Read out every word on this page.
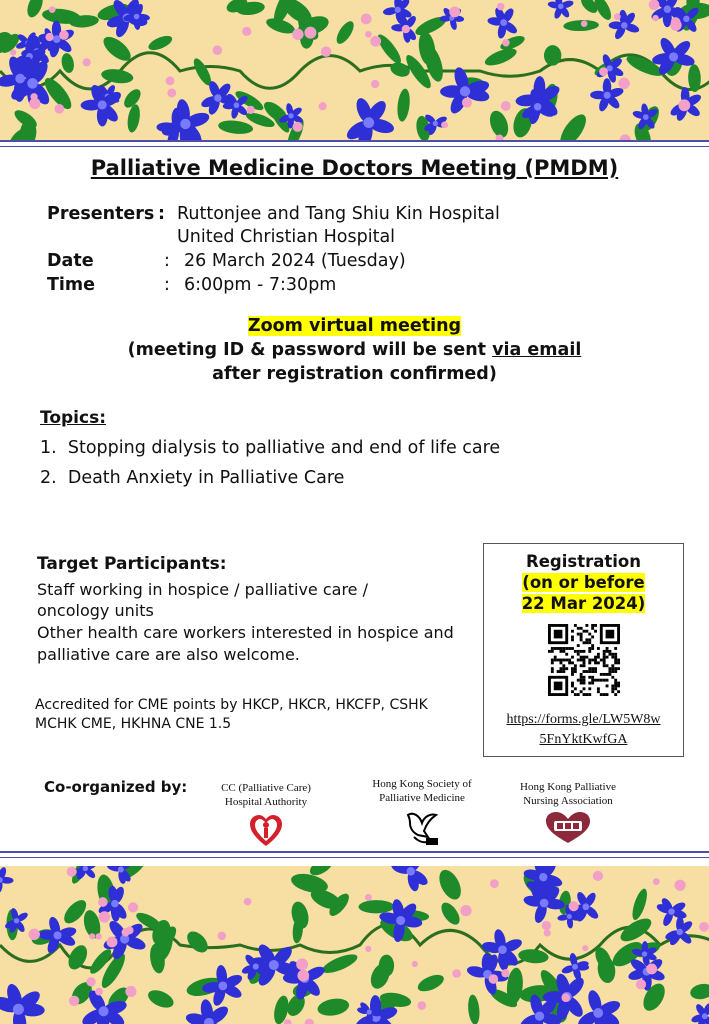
Palliative Medicine Doctors Meeting (PMDM)
Presenters : Ruttonjee and Tang Shiu Kin Hospital
United Christian Hospital
Date	: 26 March 2024 (Tuesday)
Time	: 6:00pm - 7:30pm
Zoom virtual meeting
(meeting ID & password will be sent via email
after registration confirmed)
Topics:
1. Stopping dialysis to palliative and end of life care
2. Death Anxiety in Palliative Care
Target Participants:
Staff working in hospice / palliative care /
oncology units
Other health care workers interested in hospice and
palliative care are also welcome.
Accredited for CME points by HKCP, HKCR, HKCFP, CSHK
MCHK CME, HKHNA CNE 1.5
Registration
(on or before
22 Mar 2024)
https://forms.gle/LW5W8w
5FnYktKwfGA
Co-organized by:	CC (Palliative Care)
Hospital Authority
Hong Kong Society of
Palliative Medicine
Hong Kong Palliative
Nursing Association
